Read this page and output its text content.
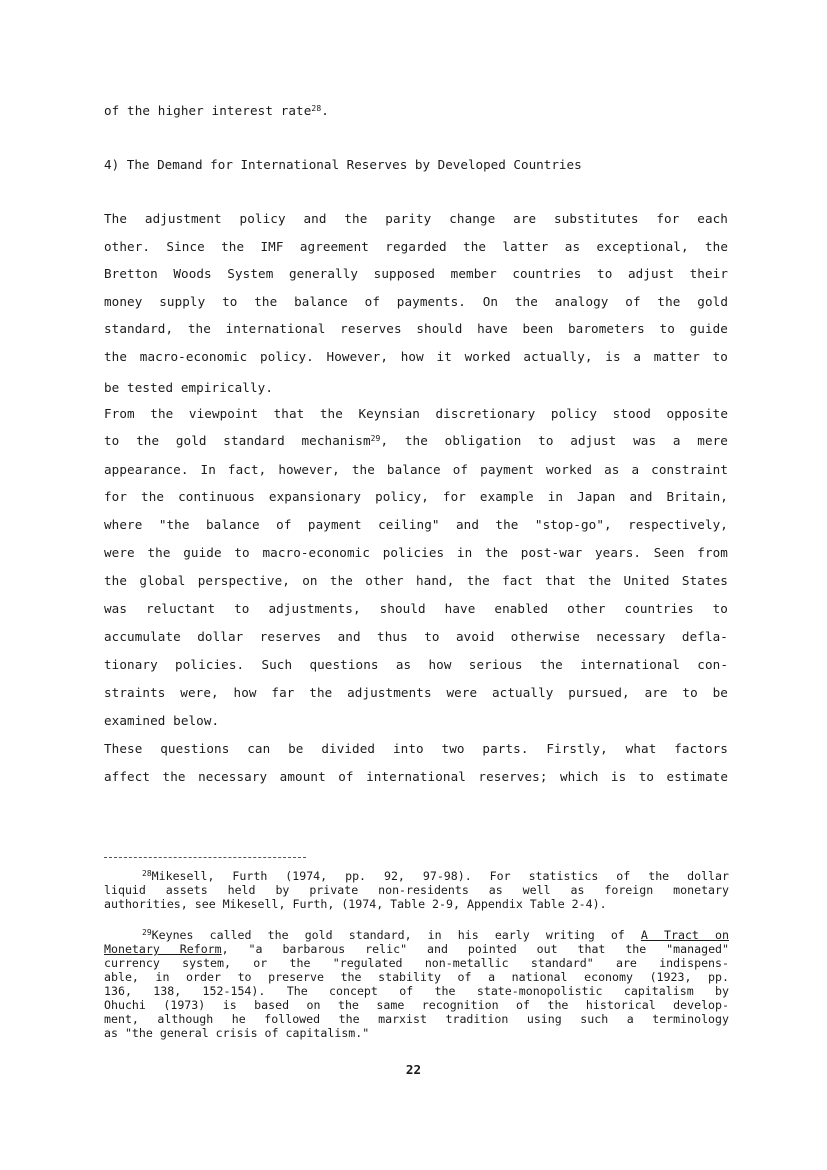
of the higher interest rate$^{28}$.
4) The Demand for International Reserves by Developed Countries
The adjustment policy and the parity change are substitutes for each
other. Since the IMF agreement regarded the latter as exceptional, the
Bretton Woods System generally supposed member countries to adjust their
money supply to the balance of payments. On the analogy of the gold
standard, the international reserves should have been barometers to guide
the macro-economic policy. However, how it worked actually, is a matter to
be tested empirically.
From the viewpoint that the Keynsian discretionary policy stood opposite
to the gold standard mechanism$^{29}$, the obligation to adjust was a mere
appearance. In fact, however, the balance of payment worked as a constraint
for the continuous expansionary policy, for example in Japan and Britain,
where "the balance of payment ceiling" and the "stop-go", respectively,
were the guide to macro-economic policies in the post-war years. Seen from
the global perspective, on the other hand, the fact that the United States
was reluctant to adjustments, should have enabled other countries to
accumulate dollar reserves and thus to avoid otherwise necessary defla-
tionary policies. Such questions as how serious the international con-
straints were, how far the adjustments were actually pursued, are to be
examined below.
These questions can be divided into two parts. Firstly, what factors
affect the necessary amount of international reserves; which is to estimate
$^{28}$Mikesell, Furth (1974, pp. 92, 97-98). For statistics of the dollar
liquid assets held by private non-residents as well as foreign monetary
authorities, see Mikesell, Furth, (1974, Table 2-9, Appendix Table 2-4).
$^{29}$Keynes called the gold standard, in his early writing of A Tract on
Monetary Reform, "a barbarous relic" and pointed out that the "managed"
currency system, or the "regulated non-metallic standard" are indispens-
able, in order to preserve the stability of a national economy (1923, pp.
136, 138, 152-154). The concept of the state-monopolistic capitalism by
Ohuchi (1973) is based on the same recognition of the historical develop-
ment, although he followed the marxist tradition using such a terminology
as "the general crisis of capitalism."
22
